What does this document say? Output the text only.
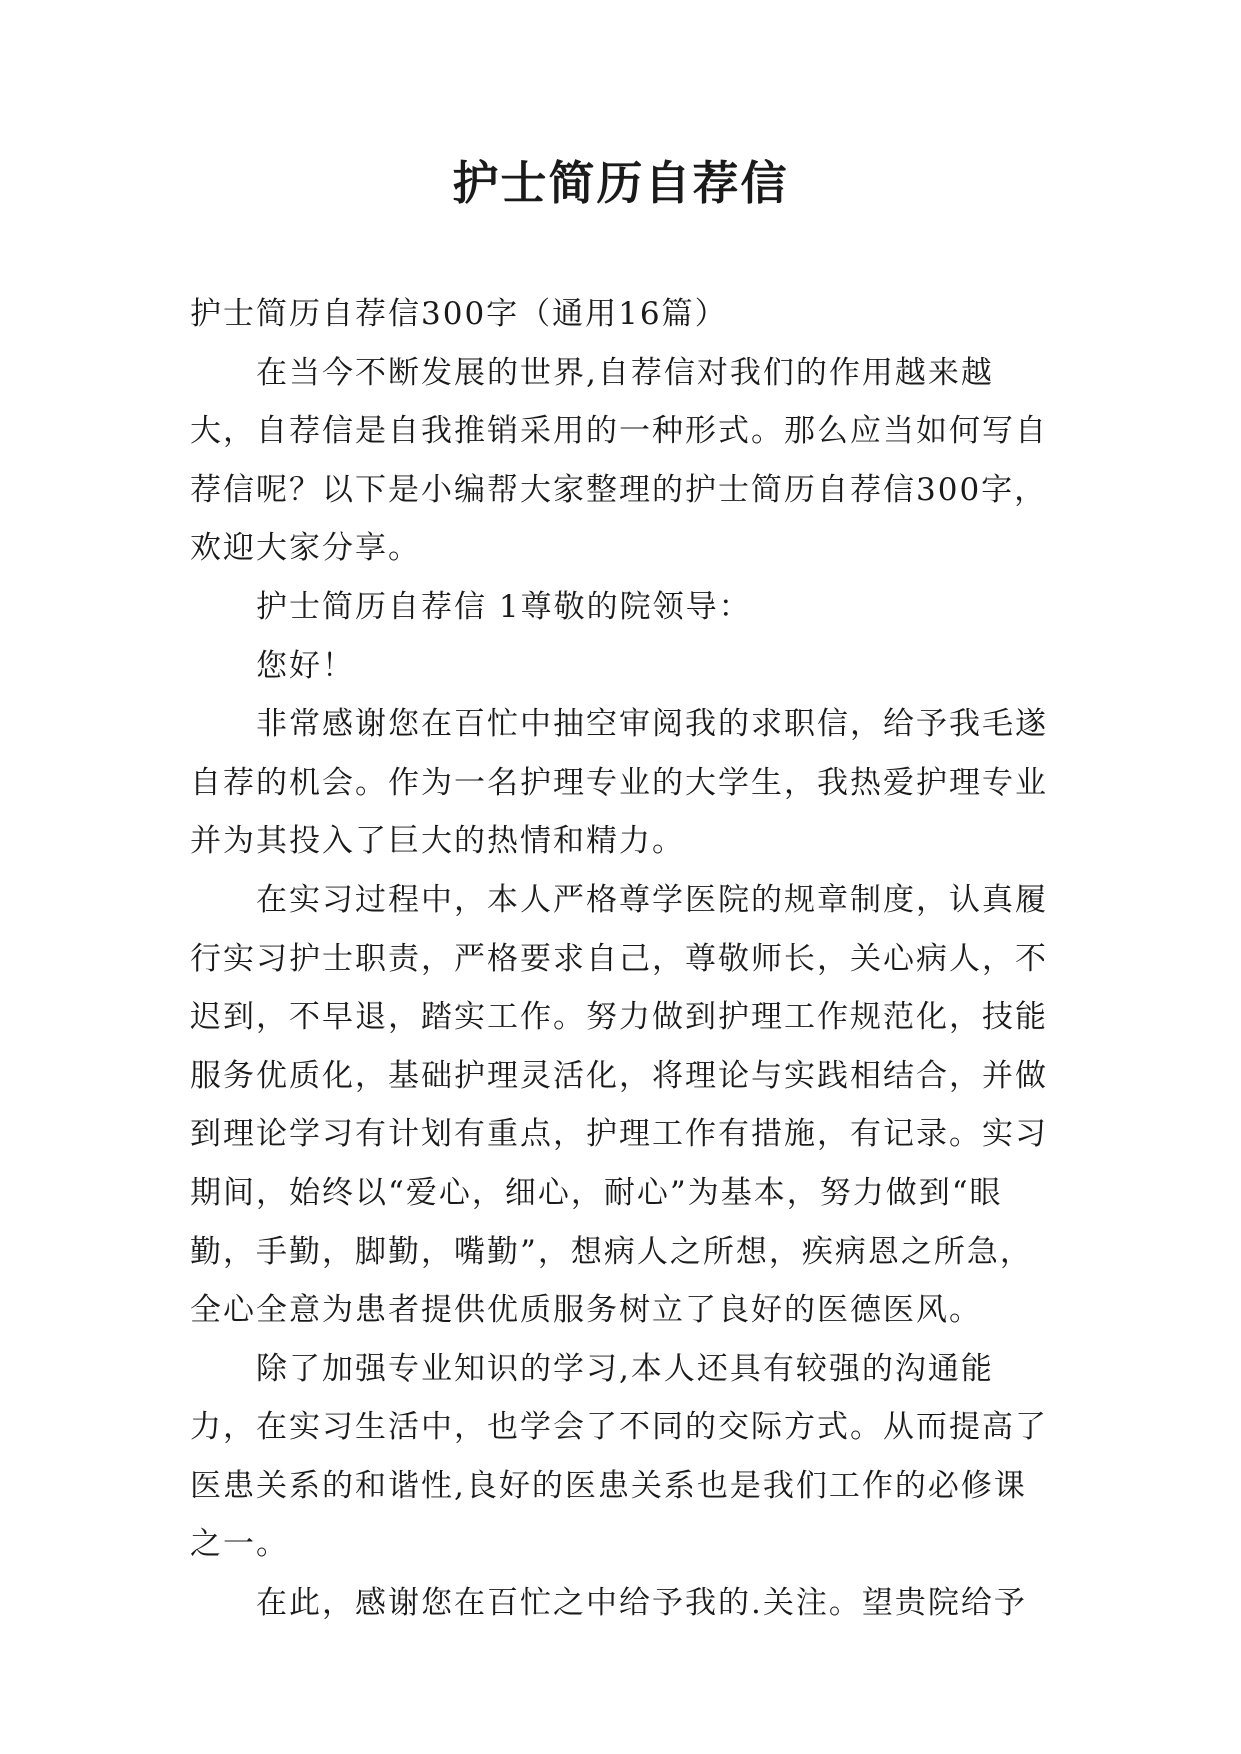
护士简历自荐信

护士简历自荐信300字（通用16篇）

在当今不断发展的世界,自荐信对我们的作用越来越大，自荐信是自我推销采用的一种形式。那么应当如何写自荐信呢？以下是小编帮大家整理的护士简历自荐信300字，欢迎大家分享。

护士简历自荐信 1尊敬的院领导：

您好！

非常感谢您在百忙中抽空审阅我的求职信，给予我毛遂自荐的机会。作为一名护理专业的大学生，我热爱护理专业并为其投入了巨大的热情和精力。

在实习过程中，本人严格尊学医院的规章制度，认真履行实习护士职责，严格要求自己，尊敬师长，关心病人，不迟到，不早退，踏实工作。努力做到护理工作规范化，技能服务优质化，基础护理灵活化，将理论与实践相结合，并做到理论学习有计划有重点，护理工作有措施，有记录。实习期间，始终以“爱心，细心，耐心”为基本，努力做到“眼勤，手勤，脚勤，嘴勤”，想病人之所想，疾病恩之所急，全心全意为患者提供优质服务树立了良好的医德医风。

除了加强专业知识的学习,本人还具有较强的沟通能力，在实习生活中，也学会了不同的交际方式。从而提高了医患关系的和谐性,良好的医患关系也是我们工作的必修课之一。

在此，感谢您在百忙之中给予我的.关注。望贵院给予
